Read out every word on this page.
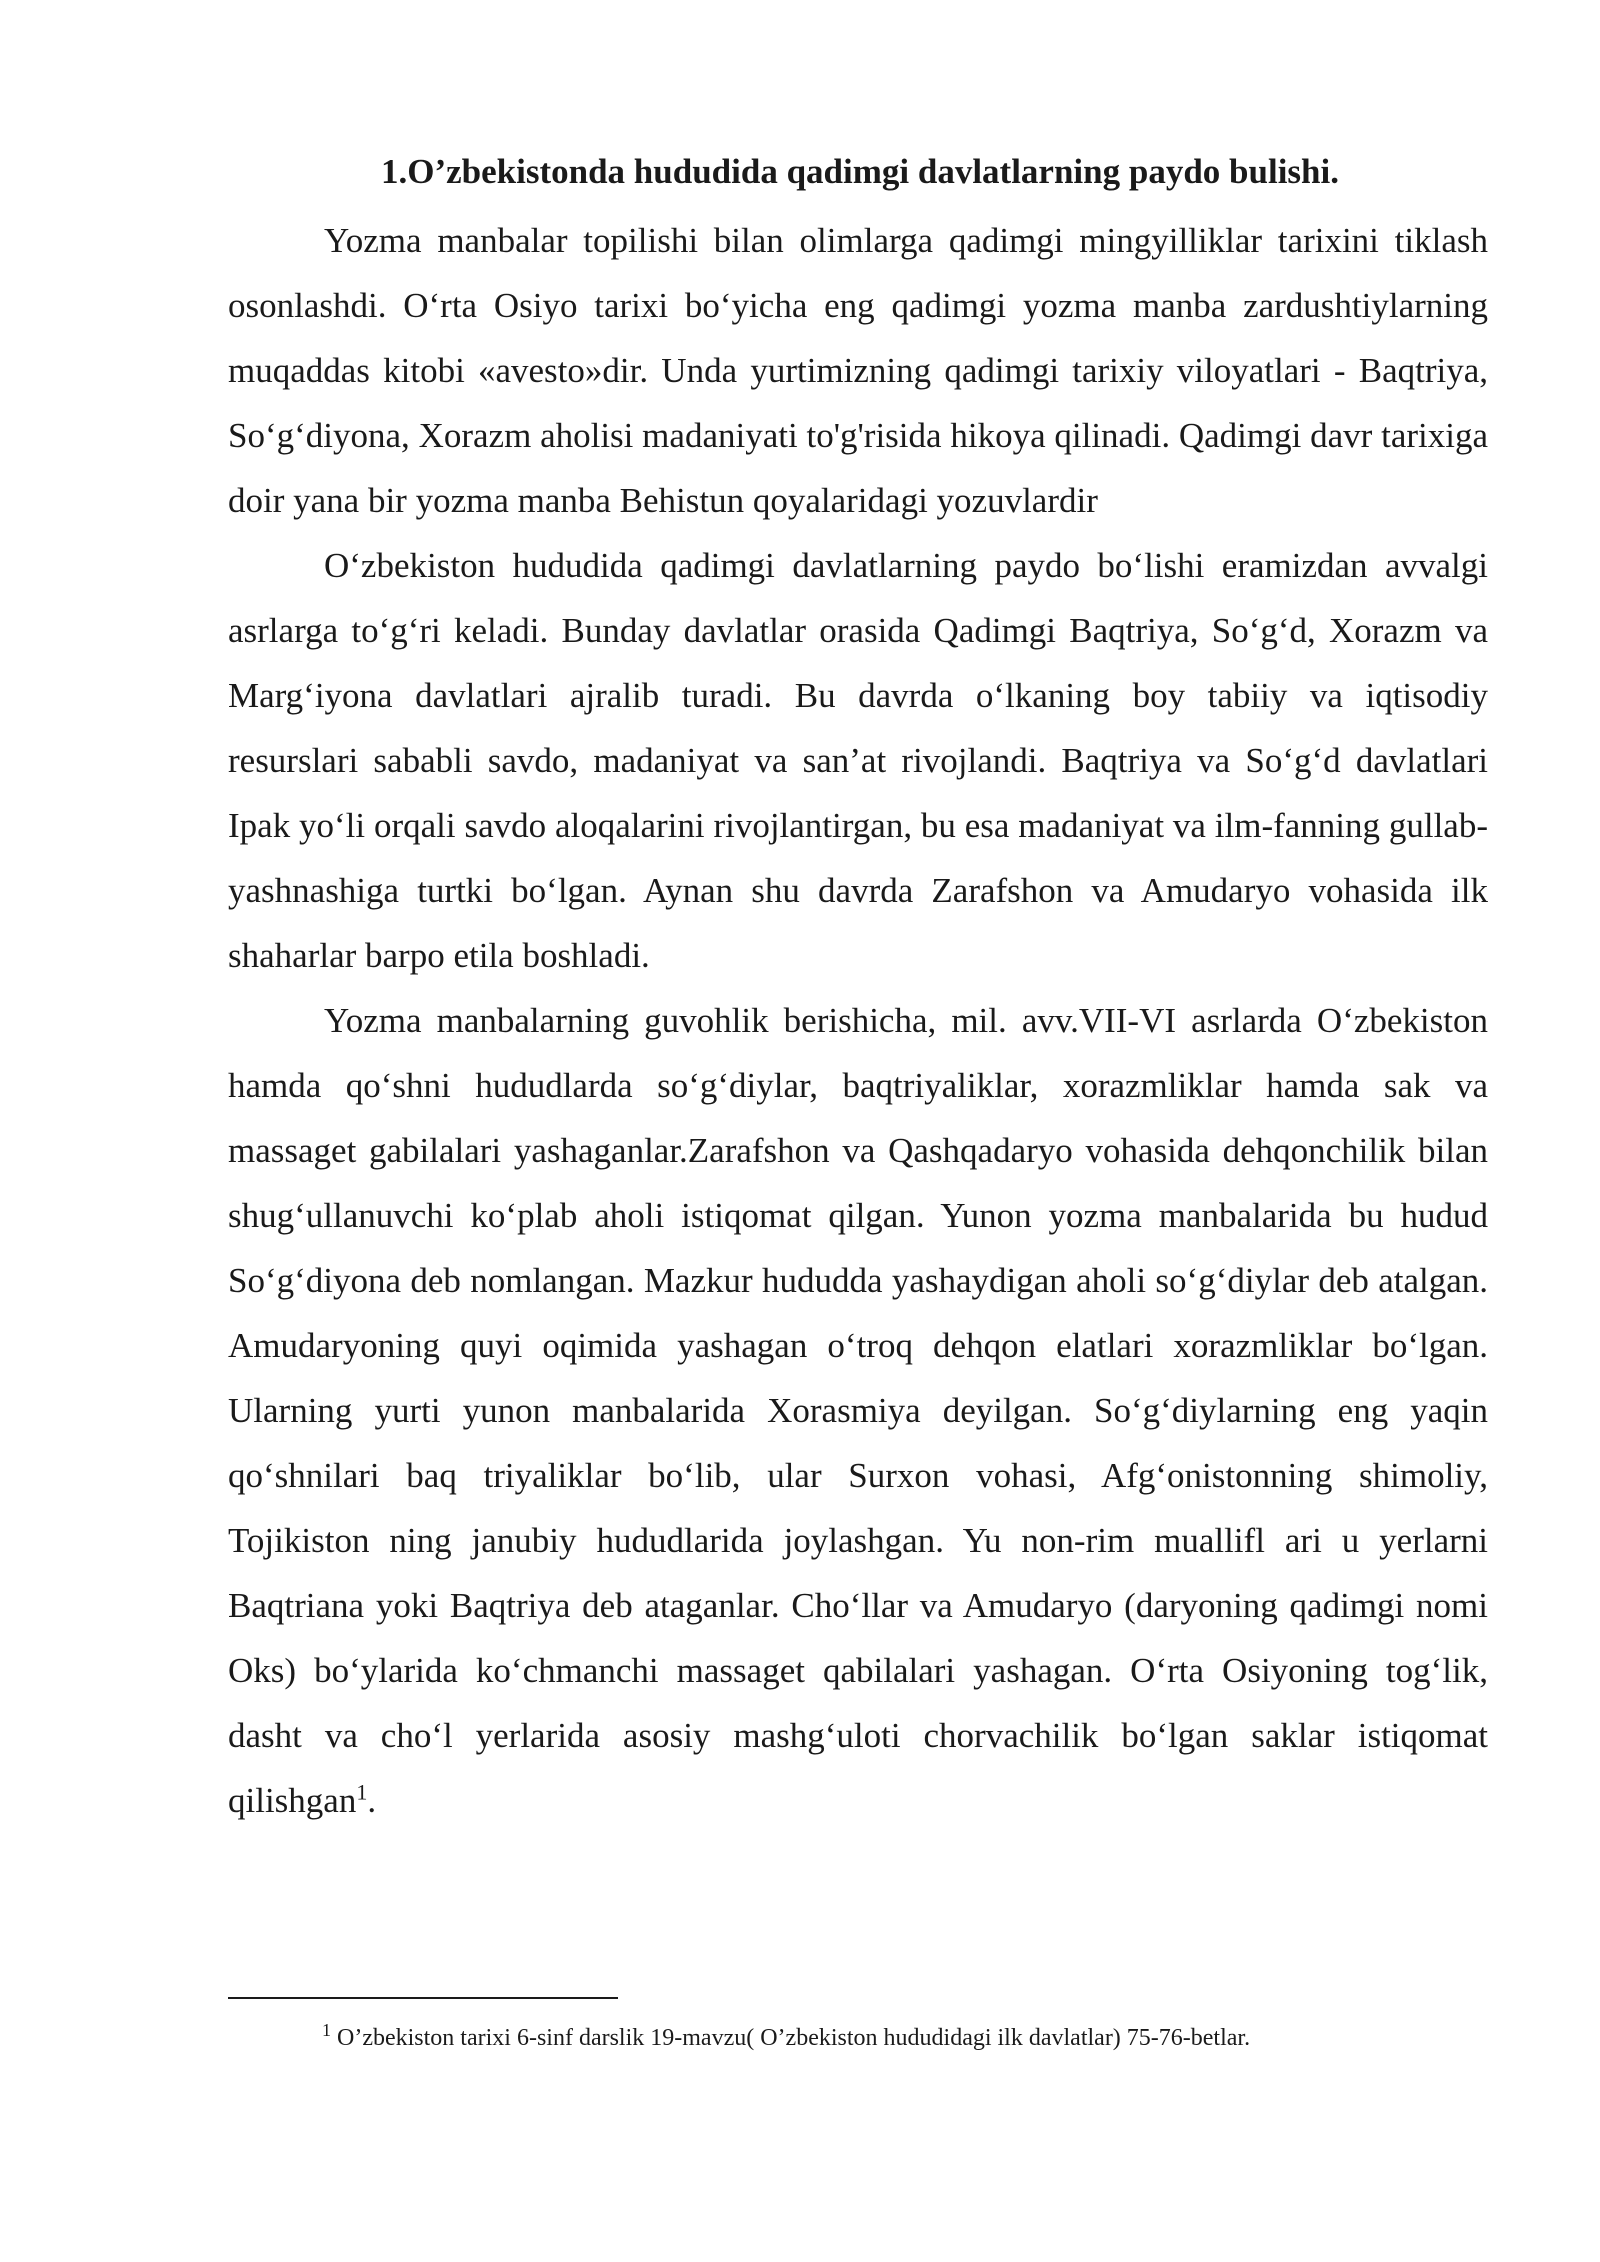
1.O’zbekistonda hududida qadimgi davlatlarning paydo bulishi.

Yozma manbalar topilishi bilan olimlarga qadimgi mingyilliklar tarixini tiklash osonlashdi. O‘rta Osiyo tarixi bo‘yicha eng qadimgi yozma manba zardushtiylarning muqaddas kitobi «avesto»dir. Unda yurtimizning qadimgi tarixiy viloyatlari - Baqtriya, So‘g‘diyona, Xorazm aholisi madaniyati to'g'risida hikoya qilinadi. Qadimgi davr tarixiga doir yana bir yozma manba Behistun qoyalaridagi yozuvlardir

O‘zbekiston hududida qadimgi davlatlarning paydo bo‘lishi eramizdan avvalgi asrlarga to‘g‘ri keladi. Bunday davlatlar orasida Qadimgi Baqtriya, So‘g‘d, Xorazm va Marg‘iyona davlatlari ajralib turadi. Bu davrda o‘lkaning boy tabiiy va iqtisodiy resurslari sababli savdo, madaniyat va san’at rivojlandi. Baqtriya va So‘g‘d davlatlari Ipak yo‘li orqali savdo aloqalarini rivojlantirgan, bu esa madaniyat va ilm-fanning gullab-yashnashiga turtki bo‘lgan. Aynan shu davrda Zarafshon va Amudaryo vohasida ilk shaharlar barpo etila boshladi.

Yozma manbalarning guvohlik berishicha, mil. avv.VII-VI asrlarda O‘zbekiston hamda qo‘shni hududlarda so‘g‘diylar, baqtriyaliklar, xorazmliklar hamda sak va massaget gabilalari yashaganlar.Zarafshon va Qashqadaryo vohasida dehqonchilik bilan shug‘ullanuvchi ko‘plab aholi istiqomat qilgan. Yunon yozma manbalarida bu hudud So‘g‘diyona deb nomlangan. Mazkur hududda yashaydigan aholi so‘g‘diylar deb atalgan. Amudaryoning quyi oqimida yashagan o‘troq dehqon elatlari xorazmliklar bo‘lgan. Ularning yurti yunon manbalarida Xorasmiya deyilgan. So‘g‘diylarning eng yaqin qo‘shnilari baq triyaliklar bo‘lib, ular Surxon vohasi, Afg‘onistonning shimoliy, Tojikiston ning janubiy hududlarida joylashgan. Yu non-rim muallifl ari u yerlarni Baqtriana yoki Baqtriya deb ataganlar. Cho‘llar va Amudaryo (daryoning qadimgi nomi Oks) bo‘ylarida ko‘chmanchi massaget qabilalari yashagan. O‘rta Osiyoning tog‘lik, dasht va cho‘l yerlarida asosiy mashg‘uloti chorvachilik bo‘lgan saklar istiqomat qilishgan$^1$.

$^1$ O’zbekiston tarixi 6-sinf darslik 19-mavzu( O’zbekiston hududidagi ilk davlatlar) 75-76-betlar.
